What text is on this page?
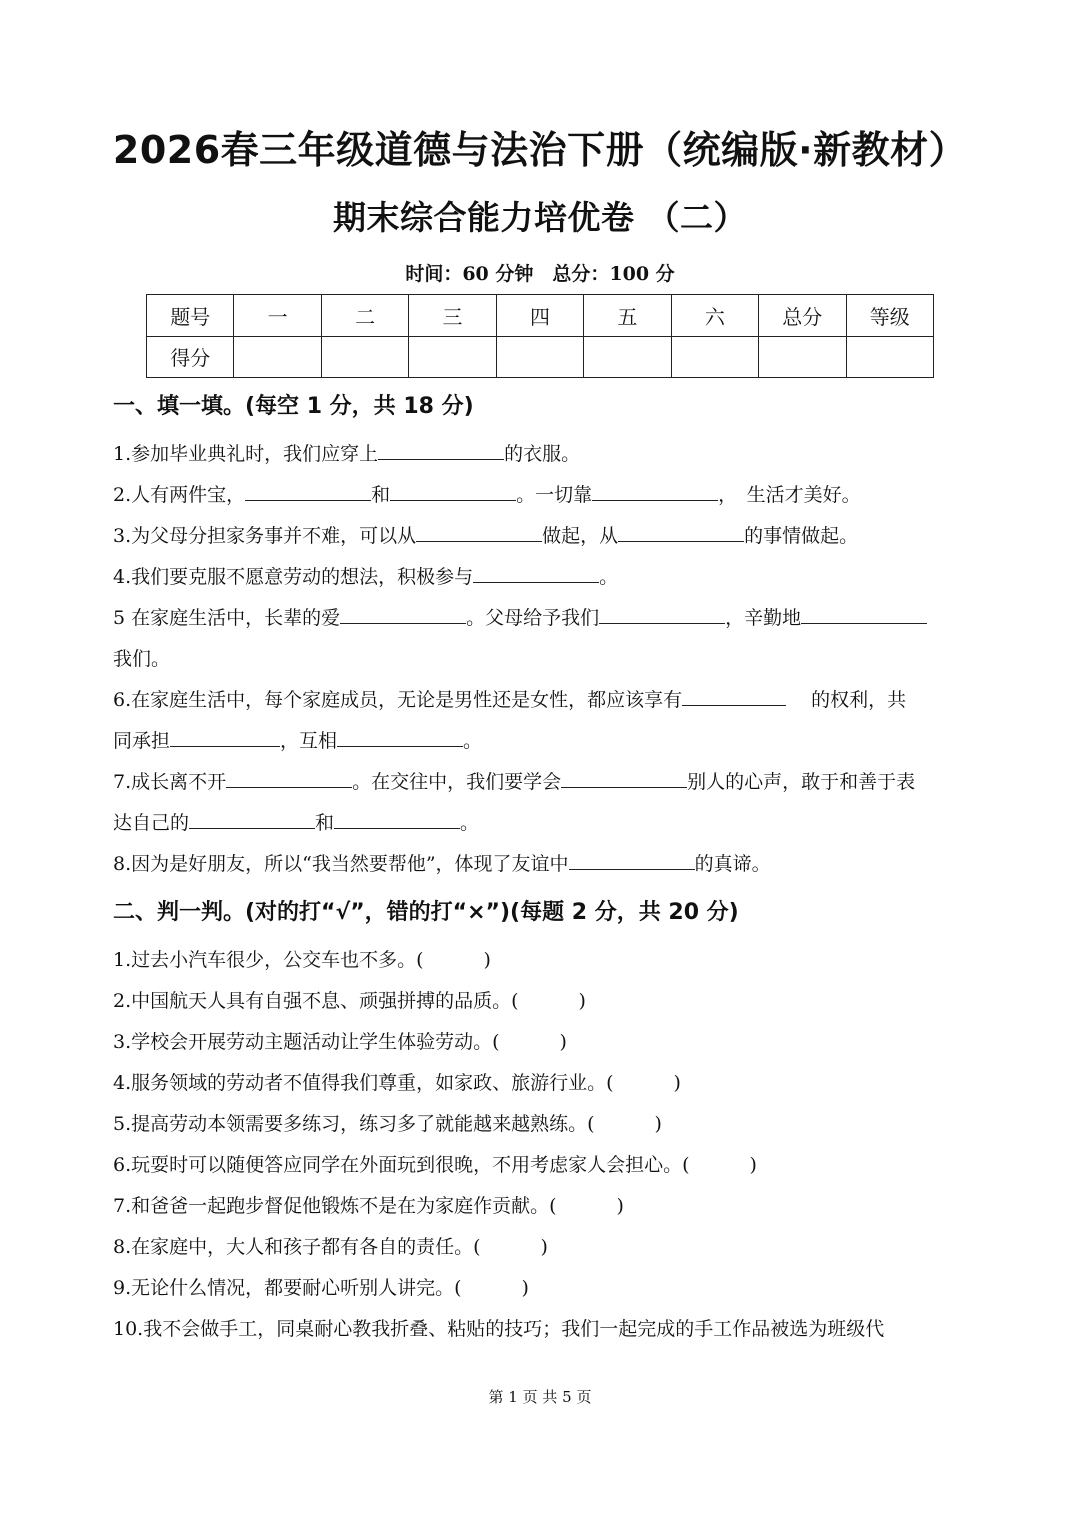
2026春三年级道德与法治下册（统编版·新教材）
期末综合能力培优卷 （二）
时间：60 分钟　总分：100 分
题号	一	二	三	四	五	六	总分	等级
得分								
一、填一填。(每空 1 分，共 18 分)
1.参加毕业典礼时，我们应穿上	的衣服。
2.人有两件宝，	和	。一切靠	，　生活才美好。
3.为父母分担家务事并不难，可以从	做起，从	的事情做起。
4.我们要克服不愿意劳动的想法，积极参与	。
5 在家庭生活中，长辈的爱	。父母给予我们	，辛勤地
我们。
6.在家庭生活中，每个家庭成员，无论是男性还是女性，都应该享有	　 的权利，共
同承担	，互相	。
7.成长离不开	。在交往中，我们要学会	别人的心声，敢于和善于表
达自己的	和	。
8.因为是好朋友，所以“我当然要帮他”，体现了友谊中	的真谛。
二、判一判。(对的打“√”，错的打“×”)(每题 2 分，共 20 分)
1.过去小汽车很少，公交车也不多。(	)
2.中国航天人具有自强不息、顽强拼搏的品质。(	)
3.学校会开展劳动主题活动让学生体验劳动。(	)
4.服务领域的劳动者不值得我们尊重，如家政、旅游行业。(	)
5.提高劳动本领需要多练习，练习多了就能越来越熟练。(	)
6.玩耍时可以随便答应同学在外面玩到很晚，不用考虑家人会担心。(	)
7.和爸爸一起跑步督促他锻炼不是在为家庭作贡献。(	)
8.在家庭中，大人和孩子都有各自的责任。(	)
9.无论什么情况，都要耐心听别人讲完。(	)
10.我不会做手工，同桌耐心教我折叠、粘贴的技巧；我们一起完成的手工作品被选为班级代
第 1 页 共 5 页
